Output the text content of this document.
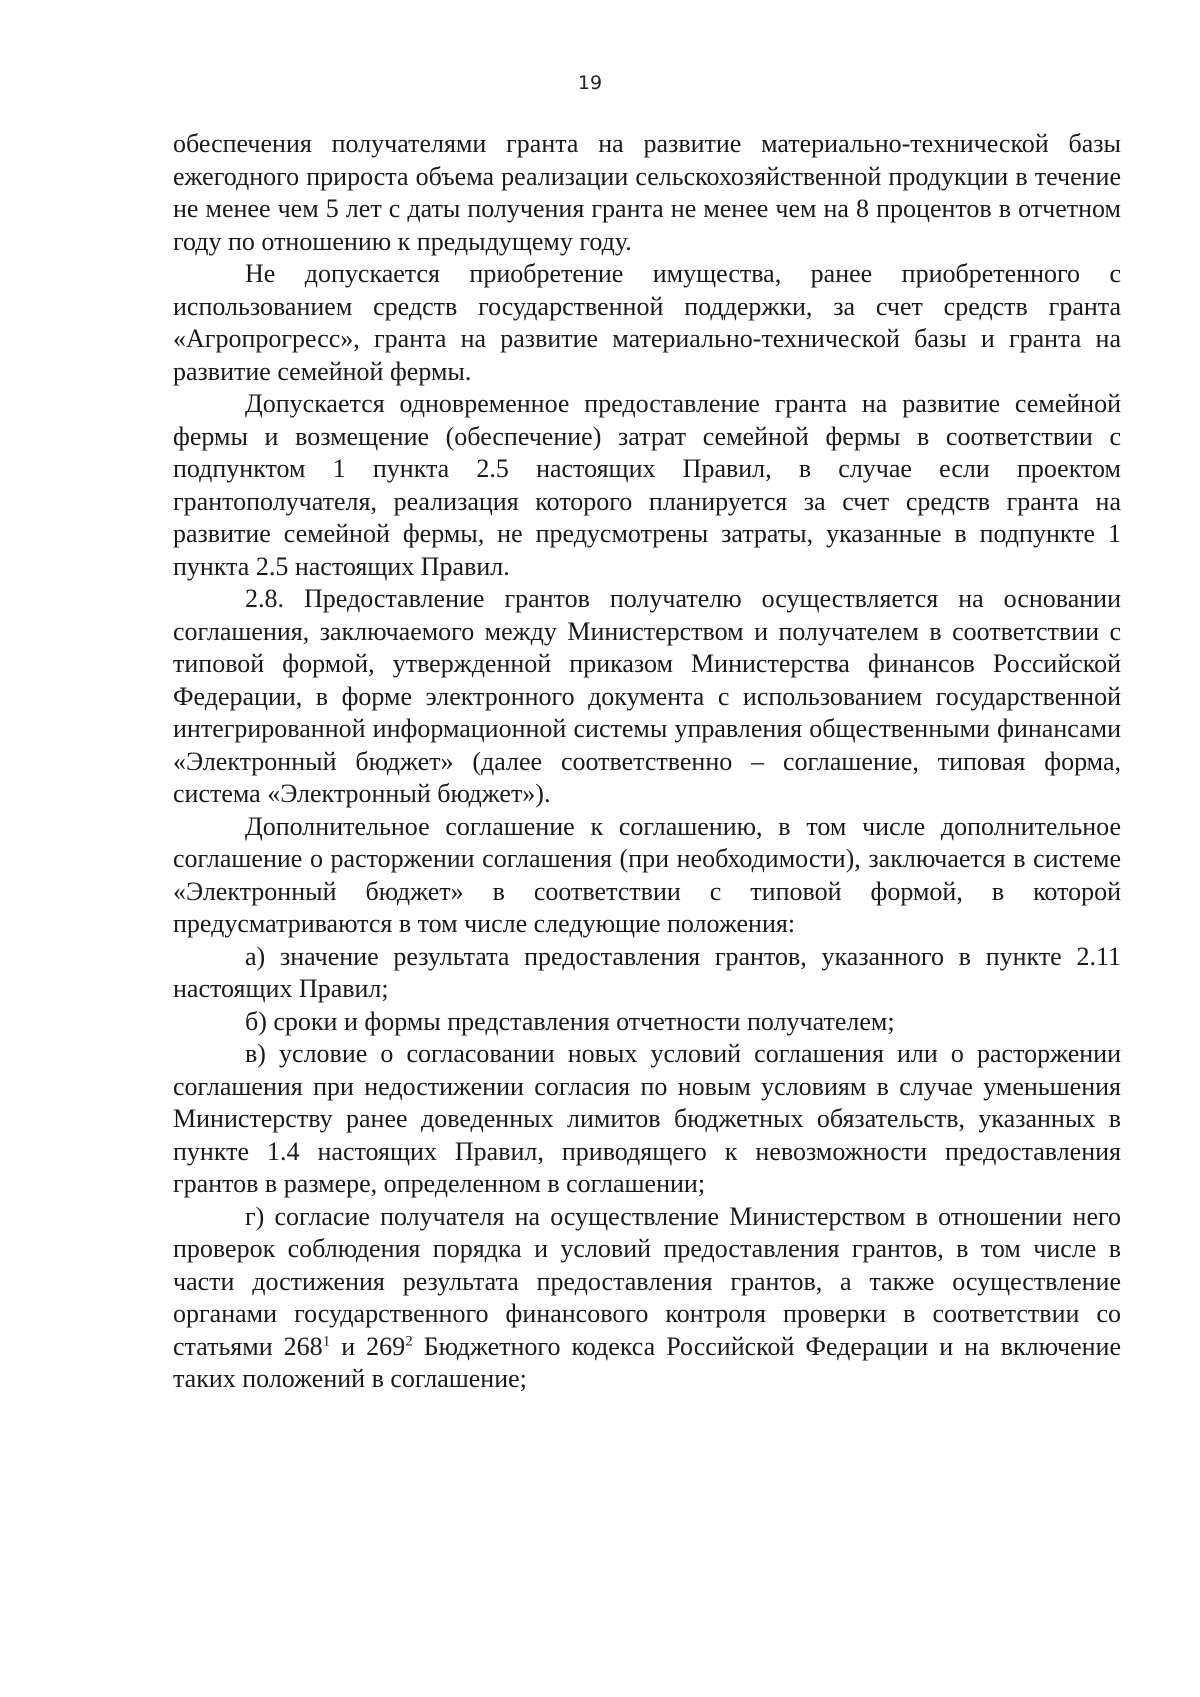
19

обеспечения получателями гранта на развитие материально-технической базы ежегодного прироста объема реализации сельскохозяйственной продукции в течение не менее чем 5 лет с даты получения гранта не менее чем на 8 процентов в отчетном году по отношению к предыдущему году.

Не допускается приобретение имущества, ранее приобретенного с использованием средств государственной поддержки, за счет средств гранта «Агропрогресс», гранта на развитие материально-технической базы и гранта на развитие семейной фермы.

Допускается одновременное предоставление гранта на развитие семейной фермы и возмещение (обеспечение) затрат семейной фермы в соответствии с подпунктом 1 пункта 2.5 настоящих Правил, в случае если проектом грантополучателя, реализация которого планируется за счет средств гранта на развитие семейной фермы, не предусмотрены затраты, указанные в подпункте 1 пункта 2.5 настоящих Правил.

2.8. Предоставление грантов получателю осуществляется на основании соглашения, заключаемого между Министерством и получателем в соответствии с типовой формой, утвержденной приказом Министерства финансов Российской Федерации, в форме электронного документа с использованием государственной интегрированной информационной системы управления общественными финансами «Электронный бюджет» (далее соответственно – соглашение, типовая форма, система «Электронный бюджет»).

Дополнительное соглашение к соглашению, в том числе дополнительное соглашение о расторжении соглашения (при необходимости), заключается в системе «Электронный бюджет» в соответствии с типовой формой, в которой предусматриваются в том числе следующие положения:

а) значение результата предоставления грантов, указанного в пункте 2.11 настоящих Правил;

б) сроки и формы представления отчетности получателем;

в) условие о согласовании новых условий соглашения или о расторжении соглашения при недостижении согласия по новым условиям в случае уменьшения Министерству ранее доведенных лимитов бюджетных обязательств, указанных в пункте 1.4 настоящих Правил, приводящего к невозможности предоставления грантов в размере, определенном в соглашении;

г) согласие получателя на осуществление Министерством в отношении него проверок соблюдения порядка и условий предоставления грантов, в том числе в части достижения результата предоставления грантов, а также осуществление органами государственного финансового контроля проверки в соответствии со статьями $268^1$ и $269^2$ Бюджетного кодекса Российской Федерации и на включение таких положений в соглашение;
